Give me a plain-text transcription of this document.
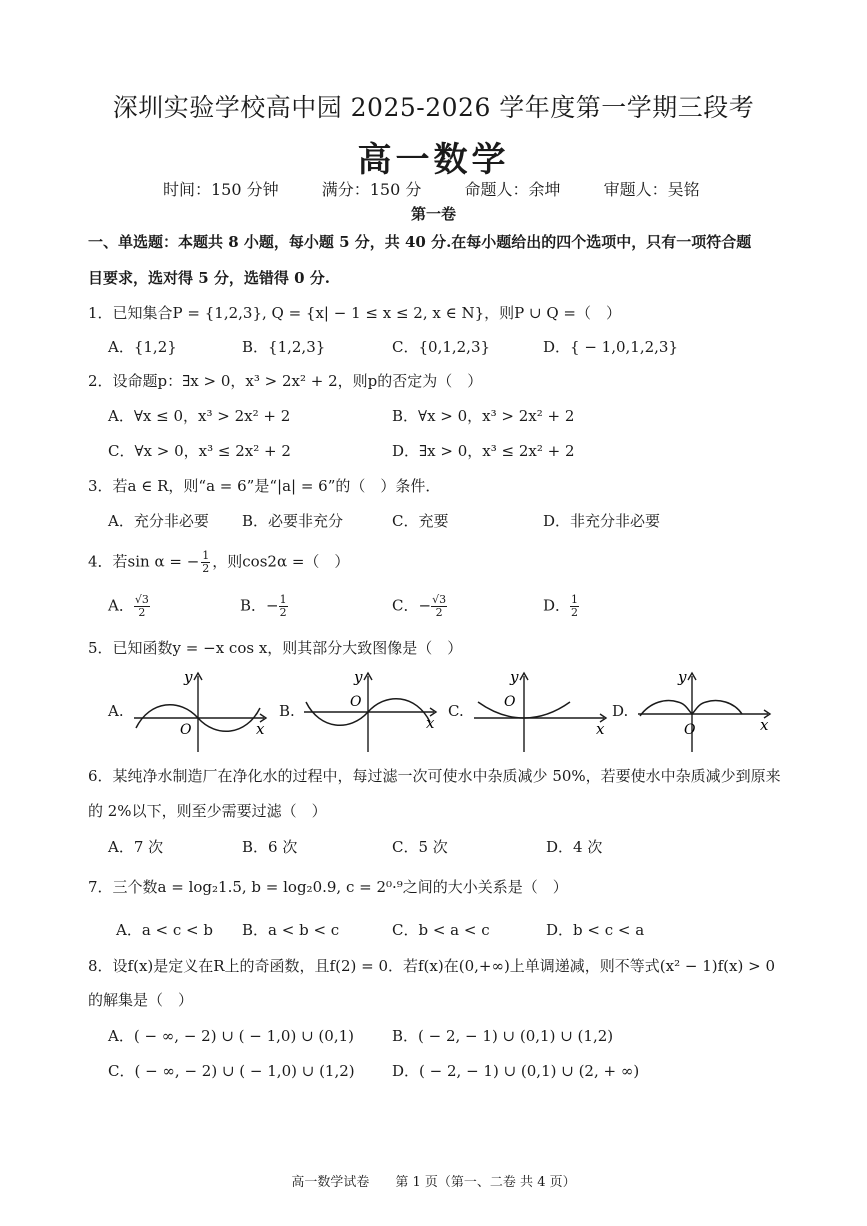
深圳实验学校高中园 2025-2026 学年度第一学期三段考
高一数学
时间：150 分钟	满分：150 分	命题人：余坤	审题人：吴铭
第一卷
一、单选题：本题共 8 小题，每小题 5 分，共 40 分.在每小题给出的四个选项中，只有一项符合题
目要求，选对得 5 分，选错得 0 分.
1．已知集合P = {1,2,3}, Q = {x| − 1 ≤ x ≤ 2, x ∈ N}，则P ∪ Q =（　）
A．{1,2}	B．{1,2,3}	C．{0,1,2,3}	D．{ − 1,0,1,2,3}
2．设命题p：∃x > 0，x³ > 2x² + 2，则p的否定为（　）
A．∀x ≤ 0，x³ > 2x² + 2	B．∀x > 0，x³ > 2x² + 2
C．∀x > 0，x³ ≤ 2x² + 2	D．∃x > 0，x³ ≤ 2x² + 2
3．若a ∈ R，则“a = 6”是“|a| = 6”的（　）条件．
A．充分非必要 B．必要非充分	C．充要	D．非充分非必要
4．若sin α = − $\frac{1}{2}$ ，则cos2α =（　）
A． $\frac{√3}{2}$	B．− $\frac{1}{2}$	C．− $\frac{√3}{2}$	D． $\frac{1}{2}$
5．已知函数y = −x cos x，则其部分大致图像是（　）
A.
y
x
O
B.
y
x
O	C.
y
x
O	D.
y
x
O
6．某纯净水制造厂在净化水的过程中，每过滤一次可使水中杂质减少 50%，若要使水中杂质减少到原来
的 2%以下，则至少需要过滤（　）
A．7 次	B．6 次	C．5 次	D．4 次
7．三个数a = log₂1.5, b = log₂0.9, c = 2⁰·⁹之间的大小关系是（　）
A．a < c < b B．a < b < c	C．b < a < c	D．b < c < a
8．设f(x)是定义在R上的奇函数，且f(2) = 0．若f(x)在(0,+∞)上单调递减，则不等式(x² − 1)f(x) > 0
的解集是（　）
A．( − ∞, − 2) ∪ ( − 1,0) ∪ (0,1)	B．( − 2, − 1) ∪ (0,1) ∪ (1,2)
C．( − ∞, − 2) ∪ ( − 1,0) ∪ (1,2) D．( − 2, − 1) ∪ (0,1) ∪ (2, + ∞)
高一数学试卷　　第 1 页（第一、二卷 共 4 页）
